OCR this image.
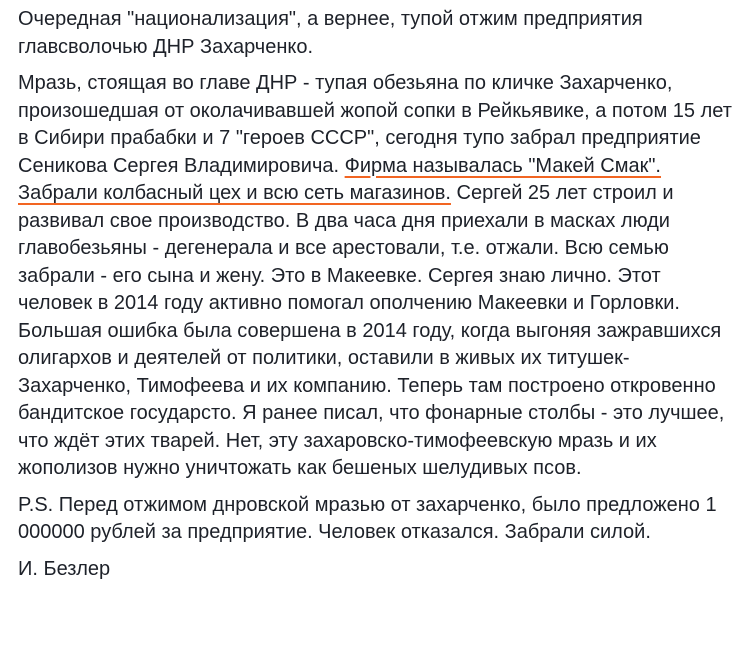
Очередная "национализация", а вернее, тупой отжим предприятия главсволочью ДНР Захарченко.

Мразь, стоящая во главе ДНР - тупая обезьяна по кличке Захарченко, произошедшая от околачивавшей жопой сопки в Рейкьявике, а потом 15 лет в Сибири прабабки и 7 "героев СССР", сегодня тупо забрал предприятие Сеникова Сергея Владимировича. Фирма называлась "Макей Смак". Забрали колбасный цех и всю сеть магазинов. Сергей 25 лет строил и развивал свое производство. В два часа дня приехали в масках люди главобезьяны - дегенерала и все арестовали, т.е. отжали. Всю семью забрали - его сына и жену. Это в Макеевке. Сергея знаю лично. Этот человек в 2014 году активно помогал ополчению Макеевки и Горловки. Большая ошибка была совершена в 2014 году, когда выгоняя зажравшихся олигархов и деятелей от политики, оставили в живых их титушек- Захарченко, Тимофеева и их компанию. Теперь там построено откровенно бандитское государсто. Я ранее писал, что фонарные столбы - это лучшее, что ждёт этих тварей. Нет, эту захаровско-тимофеевскую мразь и их жополизов нужно уничтожать как бешеных шелудивых псов.

P.S. Перед отжимом днровской мразью от захарченко, было предложено 1 000000 рублей за предприятие. Человек отказался. Забрали силой.

И. Безлер
